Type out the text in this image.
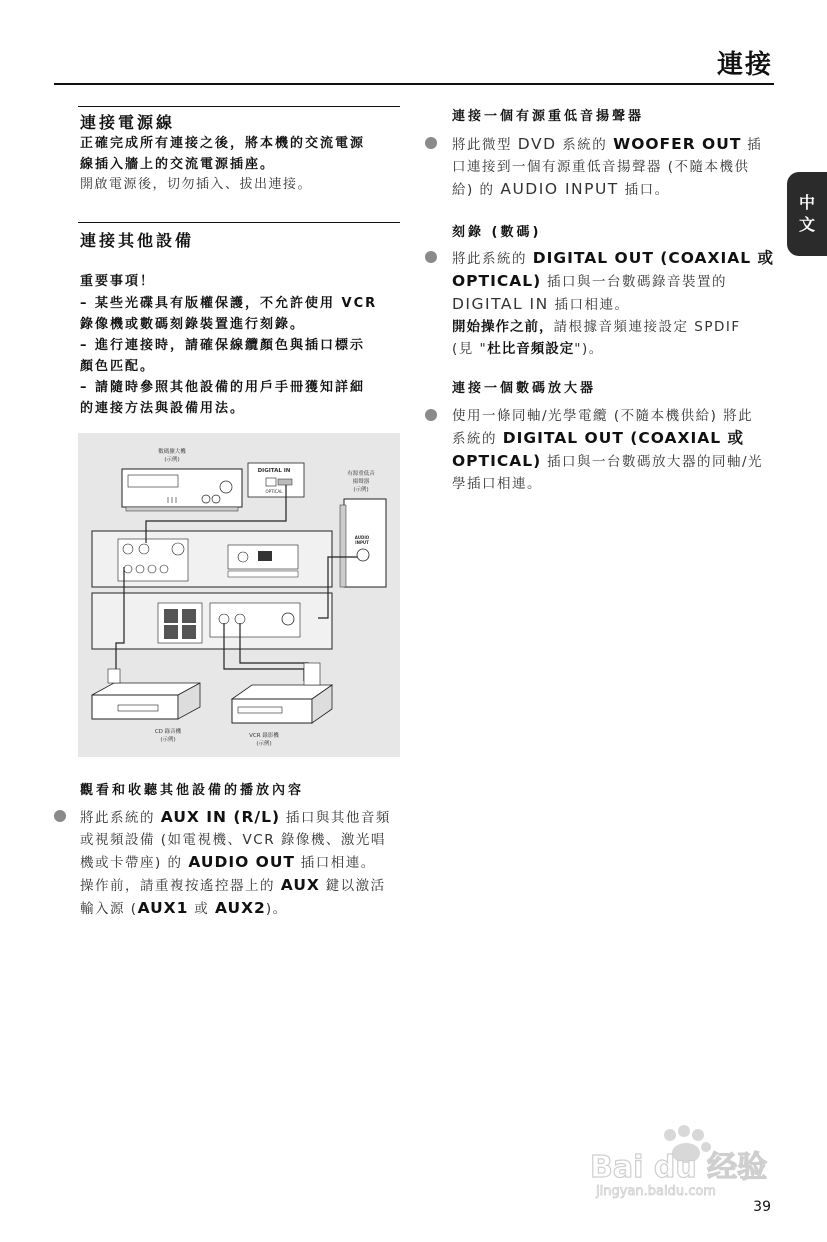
連接
中
文
連接電源線
正確完成所有連接之後，將本機的交流電源
線插入牆上的交流電源插座。
開啟電源後，切勿插入、拔出連接。
連接其他設備
重要事項！
– 某些光碟具有版權保護，不允許使用 VCR
錄像機或數碼刻錄裝置進行刻錄。
– 進行連接時，請確保線纜顏色與插口標示
顏色匹配。
– 請隨時參照其他設備的用戶手冊獲知詳細
的連接方法與設備用法。
數碼擴大機
(示例)
DIGITAL IN
OPTICAL
有源重低音
揚聲器
(示例)
AUDIO
INPUT
CD 錄音機
(示例)
VCR 錄影機
(示例)
觀看和收聽其他設備的播放內容
將此系統的 AUX IN (R/L) 插口與其他音頻
或視頻設備 (如電視機、VCR 錄像機、激光唱
機或卡帶座) 的 AUDIO OUT 插口相連。
操作前，請重複按遙控器上的 AUX 鍵以激活
輸入源 (AUX1 或 AUX2)。
連接一個有源重低音揚聲器
將此微型 DVD 系統的 WOOFER OUT 插
口連接到一個有源重低音揚聲器 (不隨本機供
給) 的 AUDIO INPUT 插口。
刻錄 (數碼)
將此系統的 DIGITAL OUT (COAXIAL 或
OPTICAL) 插口與一台數碼錄音裝置的
DIGITAL IN 插口相連。
開始操作之前，請根據音頻連接設定 SPDIF
(見 "杜比音頻設定")。
連接一個數碼放大器
使用一條同軸/光學電纜 (不隨本機供給) 將此
系統的 DIGITAL OUT (COAXIAL 或
OPTICAL) 插口與一台數碼放大器的同軸/光
學插口相連。
Bai du 经验
jingyan.baidu.com
39
